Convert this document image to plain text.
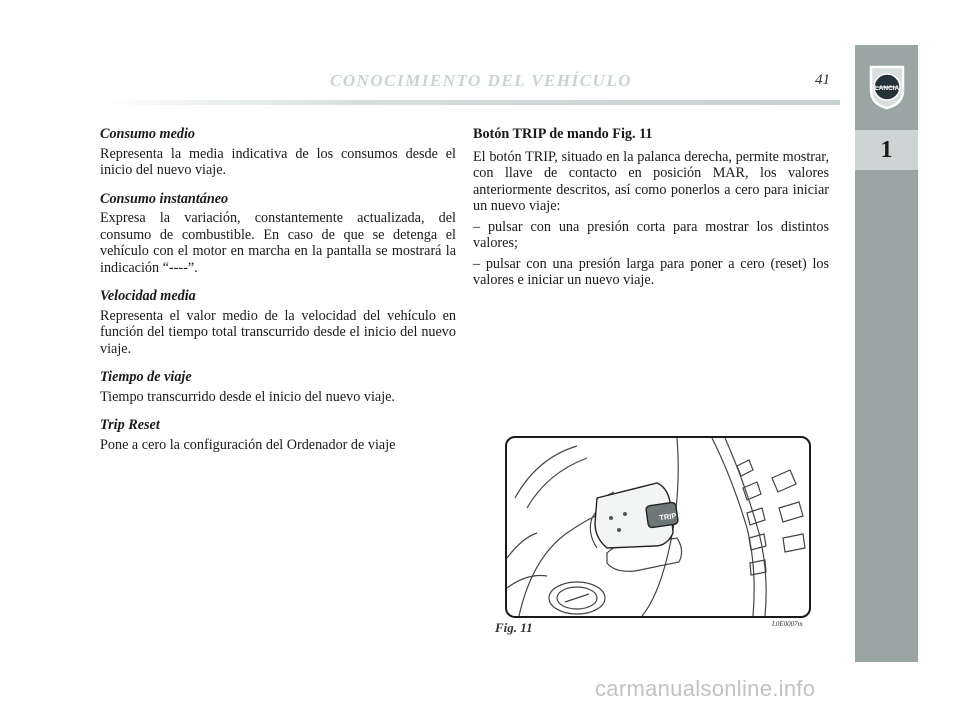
CONOCIMIENTO DEL VEHÍCULO	41	LANCIA
1

Consumo medio

Representa la media indicativa de los consumos desde el inicio del nuevo viaje.

Consumo instantáneo

Expresa la variación, constantemente actualizada, del consumo de combustible. En caso de que se detenga el vehículo con el motor en marcha en la pantalla se mostrará la indicación “----”.

Velocidad media

Representa el valor medio de la velocidad del vehículo en función del tiempo total transcurrido desde el inicio del nuevo viaje.

Tiempo de viaje

Tiempo transcurrido desde el inicio del nuevo viaje.

Trip Reset

Pone a cero la configuración del Ordenador de viaje

Botón TRIP de mando Fig. 11

El botón TRIP, situado en la palanca derecha, permite mostrar, con llave de contacto en posición MAR, los valores anteriormente descritos, así como ponerlos a cero para iniciar un nuevo viaje:

– pulsar con una presión corta para mostrar los distintos valores;

– pulsar con una presión larga para poner a cero (reset) los valores e iniciar un nuevo viaje.

TRIP
Fig. 11	L0E0007m
carmanualsonline.info
